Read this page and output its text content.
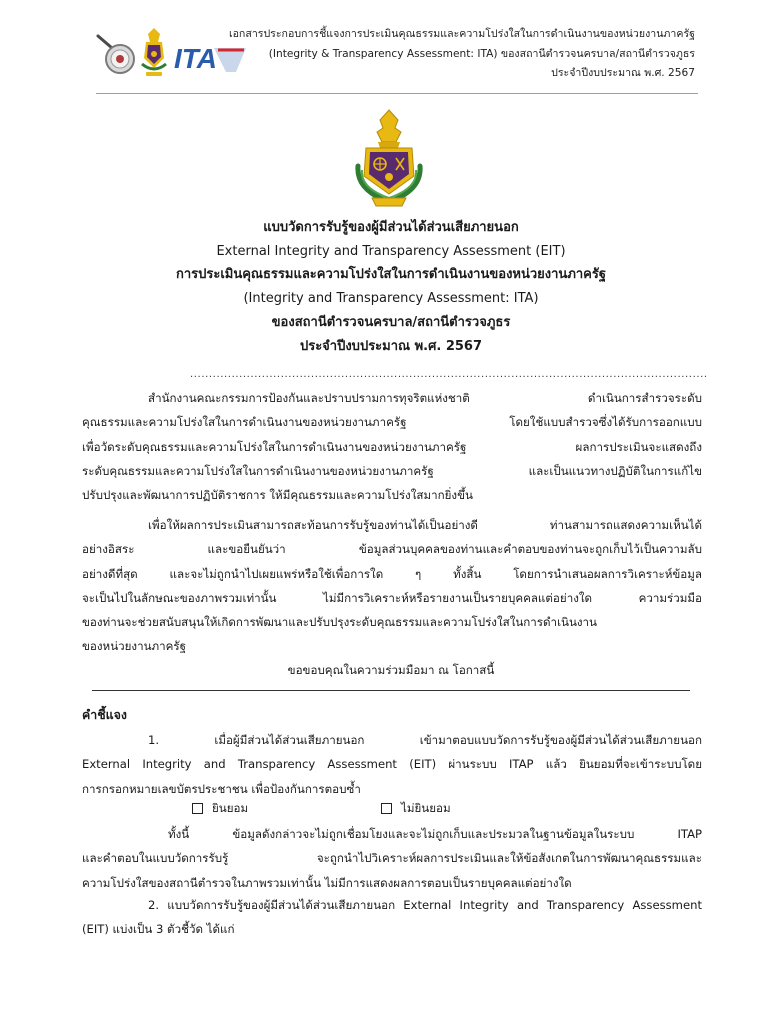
ITA
เอกสารประกอบการชี้แจงการประเมินคุณธรรมและความโปร่งใสในการดำเนินงานของหน่วยงานภาครัฐ
(Integrity & Transparency Assessment: ITA) ของสถานีตำรวจนครบาล/สถานีตำรวจภูธร
ประจำปีงบประมาณ พ.ศ. 2567
แบบวัดการรับรู้ของผู้มีส่วนได้ส่วนเสียภายนอก
External Integrity and Transparency Assessment (EIT)
การประเมินคุณธรรมและความโปร่งใสในการดำเนินงานของหน่วยงานภาครัฐ
(Integrity and Transparency Assessment: ITA)
ของสถานีตำรวจนครบาล/สถานีตำรวจภูธร
ประจำปีงบประมาณ พ.ศ. 2567
.........................................................................................................................................
สำนักงานคณะกรรมการป้องกันและปราบปรามการทุจริตแห่งชาติ ดำเนินการสำรวจระดับ
คุณธรรมและความโปร่งใสในการดำเนินงานของหน่วยงานภาครัฐ โดยใช้แบบสำรวจซึ่งได้รับการออกแบบ
เพื่อวัดระดับคุณธรรมและความโปร่งใสในการดำเนินงานของหน่วยงานภาครัฐ ผลการประเมินจะแสดงถึง
ระดับคุณธรรมและความโปร่งใสในการดำเนินงานของหน่วยงานภาครัฐ และเป็นแนวทางปฏิบัติในการแก้ไข
ปรับปรุงและพัฒนาการปฏิบัติราชการ ให้มีคุณธรรมและความโปร่งใสมากยิ่งขึ้น
เพื่อให้ผลการประเมินสามารถสะท้อนการรับรู้ของท่านได้เป็นอย่างดี ท่านสามารถแสดงความเห็นได้
อย่างอิสระ และขอยืนยันว่า ข้อมูลส่วนบุคคลของท่านและคำตอบของท่านจะถูกเก็บไว้เป็นความลับ
อย่างดีที่สุด และจะไม่ถูกนำไปเผยแพร่หรือใช้เพื่อการใด ๆ ทั้งสิ้น โดยการนำเสนอผลการวิเคราะห์ข้อมูล
จะเป็นไปในลักษณะของภาพรวมเท่านั้น ไม่มีการวิเคราะห์หรือรายงานเป็นรายบุคคลแต่อย่างใด ความร่วมมือ
ของท่านจะช่วยสนับสนุนให้เกิดการพัฒนาและปรับปรุงระดับคุณธรรมและความโปร่งใสในการดำเนินงาน
ของหน่วยงานภาครัฐ
ขอขอบคุณในความร่วมมือมา ณ โอกาสนี้
คำชี้แจง
1. เมื่อผู้มีส่วนได้ส่วนเสียภายนอก เข้ามาตอบแบบวัดการรับรู้ของผู้มีส่วนได้ส่วนเสียภายนอก
External Integrity and Transparency Assessment (EIT) ผ่านระบบ ITAP แล้ว ยินยอมที่จะเข้าระบบโดย
การกรอกหมายเลขบัตรประชาชน เพื่อป้องกันการตอบซ้ำ
ยินยอม	ไม่ยินยอม
ทั้งนี้ ข้อมูลดังกล่าวจะไม่ถูกเชื่อมโยงและจะไม่ถูกเก็บและประมวลในฐานข้อมูลในระบบ ITAP
และคำตอบในแบบวัดการรับรู้ จะถูกนำไปวิเคราะห์ผลการประเมินและให้ข้อสังเกตในการพัฒนาคุณธรรมและ
ความโปร่งใสของสถานีตำรวจในภาพรวมเท่านั้น ไม่มีการแสดงผลการตอบเป็นรายบุคคลแต่อย่างใด
2. แบบวัดการรับรู้ของผู้มีส่วนได้ส่วนเสียภายนอก External Integrity and Transparency Assessment
(EIT) แบ่งเป็น 3 ตัวชี้วัด ได้แก่
